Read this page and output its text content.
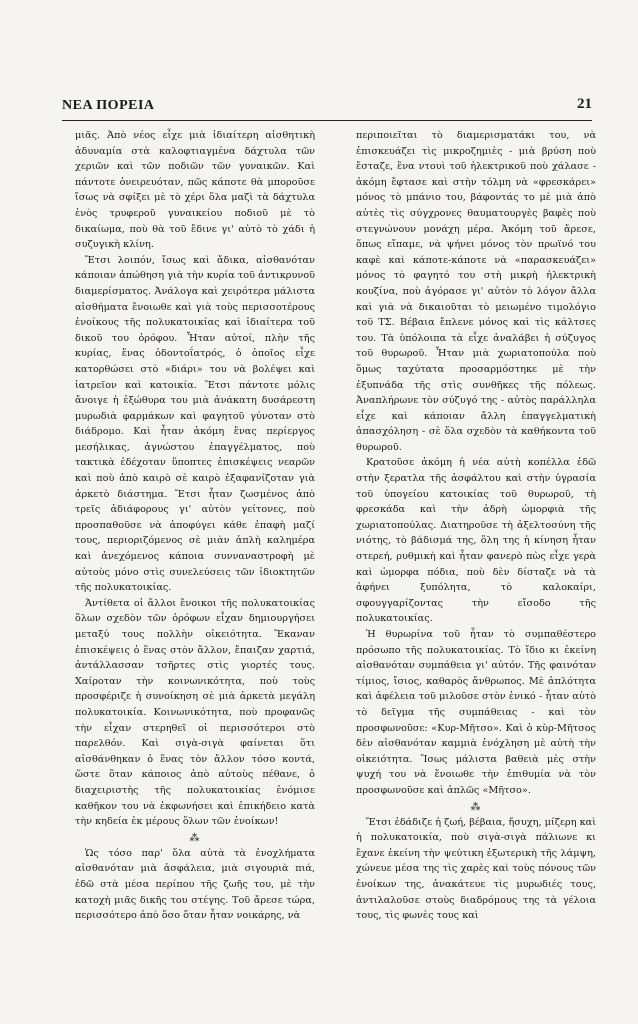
ΝΕΑ ΠΟΡΕΙΑ	21

μιᾶς. Ἀπὸ νέος εἶχε μιὰ ἰδιαίτερη αἰσθητικὴ ἀδυναμία στὰ καλοφτιαγμένα δάχτυλα τῶν χεριῶν καὶ τῶν ποδιῶν τῶν γυναικῶν. Καὶ πάντοτε ὀνειρευόταν, πῶς κάποτε θὰ μποροῦσε ἴσως νὰ σφίξει μὲ τὸ χέρι ὅλα μαζὶ τὰ δάχτυλα ἑνὸς τρυφεροῦ γυναικείου ποδιοῦ μὲ τὸ δικαίωμα, ποὺ θὰ τοῦ ἔδινε γι' αὐτὸ τὸ χάδι ἡ συζυγικὴ κλίνη.

Ἔτσι λοιπόν, ἴσως καὶ ἄδικα, αἰσθανόταν κάποιαν ἀπώθηση γιὰ τὴν κυρία τοῦ ἀντικρυνοῦ διαμερίσματος. Ἀνάλογα καὶ χειρότερα μάλιστα αἰσθήματα ἔνοιωθε καὶ γιὰ τοὺς περισσοτέρους ἐνοίκους τῆς πολυκατοικίας καὶ ἰδιαίτερα τοῦ δικοῦ του ὀρόφου. Ἦταν αὐτοί, πλὴν τῆς κυρίας, ἕνας ὀδοντοΐατρός, ὁ ὁποῖος εἶχε κατορθώσει στὸ «διάρι» του νὰ βολέψει καὶ ἰατρεῖον καὶ κατοικία. Ἔτσι πάντοτε μόλις ἄνοιγε ἡ ἐξώθυρα του μιὰ ἀνάκατη δυσάρεστη μυρωδιὰ φαρμάκων καὶ φαγητοῦ γύνοταν στὸ διάδρομο. Καὶ ἦταν ἀκόμη ἕνας περίεργος μεσήλικας, ἀγνώστου ἐπαγγέλματος, ποὺ τακτικὰ ἐδέχοταν ὕποπτες ἐπισκέψεις νεαρῶν καὶ ποὺ ἀπὸ καιρὸ σὲ καιρὸ ἐξαφανίζοταν γιὰ ἀρκετὸ διάστημα. Ἔτσι ἦταν ζωσμένος ἀπὸ τρεῖς ἀδιάφορους γι' αὐτὸν γείτονες, ποὺ προσπαθοῦσε νὰ ἀποφύγει κάθε ἐπαφὴ μαζί τους, περιοριζόμενος σὲ μιὰν ἁπλὴ καλημέρα καὶ ἀνεχόμενος κάποια συνναναστροφὴ μὲ αὐτοὺς μόνο στὶς συνελεύσεις τῶν ἰδιοκτητῶν τῆς πολυκατοικίας.

Ἀντίθετα οἱ ἄλλοι ἔνοικοι τῆς πολυκατοικίας ὅλων σχεδὸν τῶν ὀρόφων εἶχαν δημιουργήσει μεταξύ τους πολλὴν οἰκειότητα. Ἔκαναν ἐπισκέψεις ὁ ἕνας στὸν ἄλλον, ἔπαιζαν χαρτιά, ἀντάλλασσαν τσῆρτες στὶς γιορτές τους. Χαίροταν τὴν κοινωνικότητα, ποὺ τοὺς προσφέριζε ἡ συνοίκηση σὲ μιὰ ἀρκετὰ μεγάλη πολυκατοικία. Κοινωνικότητα, ποὺ προφανῶς τὴν εἶχαν στερηθεῖ οἱ περισσότεροι στὸ παρελθόν. Καὶ σιγὰ-σιγὰ φαίνεται ὅτι αἰσθάνθηκαν ὁ ἕνας τὸν ἄλλον τόσο κοντά, ὥστε ὅταν κάποιος ἀπὸ αὐτοὺς πέθανε, ὁ διαχειριστὴς τῆς πολυκατοικίας ἐνόμισε καθῆκον του νὰ ἐκφωνήσει καὶ ἐπικήδειο κατὰ τὴν κηδεία ἐκ μέρους ὅλων τῶν ἐνοίκων!

⁂

Ὡς τόσο παρ' ὅλα αὐτὰ τὰ ἐνοχλήματα αἰσθανόταν μιὰ ἀσφάλεια, μιὰ σιγουριὰ πιά, ἐδῶ στὰ μέσα περίπου τῆς ζωῆς του, μὲ τὴν κατοχὴ μιᾶς δικῆς του στέγης. Τοῦ ἄρεσε τώρα, περισσότερο ἀπὸ ὅσο ὅταν ἦταν νοικάρης, νὰ

περιποιεῖται τὸ διαμερισματάκι του, νὰ ἐπισκευάζει τὶς μικροζημιὲς - μιὰ βρύση ποὺ ἔσταζε, ἕνα ντουὶ τοῦ ἠλεκτρικοῦ ποὺ χάλασε - ἀκόμη ἔφτασε καὶ στὴν τόλμη νὰ «φρεσκάρει» μόνος τὸ μπάνιο του, βάφοντάς το μὲ μιὰ ἀπὸ αὐτὲς τὶς σύγχρονες θαυματουργὲς βαφὲς ποὺ στεγνώνουν μονάχη μέρα. Ἀκόμη τοῦ ἄρεσε, ὅπως εἴπαμε, νὰ ψήνει μόνος τὸν πρωϊνό του καφὲ καὶ κάποτε-κάποτε νὰ «παρασκευάζει» μόνος τὸ φαγητό του στὴ μικρὴ ἠλεκτρικὴ κουζίνα, ποὺ ἀγόρασε γι' αὐτὸν τὸ λόγον ἄλλα καὶ γιὰ νὰ δικαιοῦται τὸ μειωμένο τιμολόγιο τοῦ ΤΣ. Βέβαια ἔπλενε μόνος καὶ τὶς κάλτσες του. Τὰ ὑπόλοιπα τὰ εἶχε ἀναλάβει ἡ σύζυγος τοῦ θυρωροῦ. Ἦταν μιὰ χωριατοπούλα ποὺ ὅμως ταχύτατα προσαρμόστηκε μὲ τὴν ἐξυπνάδα τῆς στὶς συνθῆκες τῆς πόλεως. Ἀναπλήρωνε τὸν σύζυγό της - αὐτὸς παράλληλα εἶχε καὶ κάποιαν ἄλλη ἐπαγγελματικὴ ἀπασχόληση - σὲ ὅλα σχεδὸν τὰ καθήκοντα τοῦ θυρωροῦ.

Κρατοῦσε ἀκόμη ἡ νέα αὐτὴ κοπέλλα ἐδῶ στὴν ξερατλα τῆς ἀσφάλτου καὶ στὴν ὑγρασία τοῦ ὑπογείου κατοικίας τοῦ θυρωροῦ, τὴ φρεσκάδα καὶ τὴν ἀδρὴ ὡμορφιὰ τῆς χωριατοπούλας. Διατηροῦσε τὴ ἀξελτοσύνη τῆς νιότης, τὸ βάδισμά της, ὅλη της ἡ κίνηση ἦταν στερεή, ρυθμικὴ καὶ ἦταν φανερὸ πὼς εἶχε γερὰ καὶ ὡμορφα πόδια, ποὺ δὲν δίσταζε νὰ τὰ ἀφήνει ξυπόλητα, τὸ καλοκαίρι, σφουγγαρίζοντας τὴν εἴσοδο τῆς πολυκατοικίας.

Ἡ θυρωρίνα τοῦ ἦταν τὸ συμπαθέστερο πρόσωπο τῆς πολυκατοικίας. Τὸ ἴδιο κι ἐκείνη αἰσθανόταν συμπάθεια γι' αὐτόν. Τῆς φαινόταν τίμιος, ἴσιος, καθαρὸς ἄνθρωπος. Μὲ ἁπλότητα καὶ ἀφέλεια τοῦ μιλοῦσε στὸν ἑνικό - ἦταν αὐτὸ τὸ δεῖγμα τῆς συμπάθειας - καὶ τὸν προσφωνοῦσε: «Κυρ-Μῆτσο». Καὶ ὁ κὺρ-Μῆτσος δὲν αἰσθανόταν καμμιὰ ἐνόχληση μὲ αὐτὴ τὴν οἰκειότητα. Ἴσως μάλιστα βαθειὰ μὲς στὴν ψυχή του νὰ ἔνοιωθε τὴν ἐπιθυμία νὰ τὸν προσφωνοῦσε καὶ ἁπλῶς «Μῆτσο».

⁂

Ἔτσι ἐδάδιζε ἡ ζωή, βέβαια, ἤσυχη, μίζερη καὶ ἡ πολυκατοικία, ποὺ σιγὰ-σιγὰ πάλιωνε κι ἔχανε ἐκείνη τὴν ψεύτικη ἐξωτερικὴ τῆς λάμψη, χώνευε μέσα της τὶς χαρὲς καὶ τοὺς πόνους τῶν ἐνοίκων της, ἀνακάτευε τὶς μυρωδιές τους, ἀντιλαλοῦσε στοὺς διαδρόμους της τὰ γέλοια τους, τὶς φωνὲς τους καὶ
